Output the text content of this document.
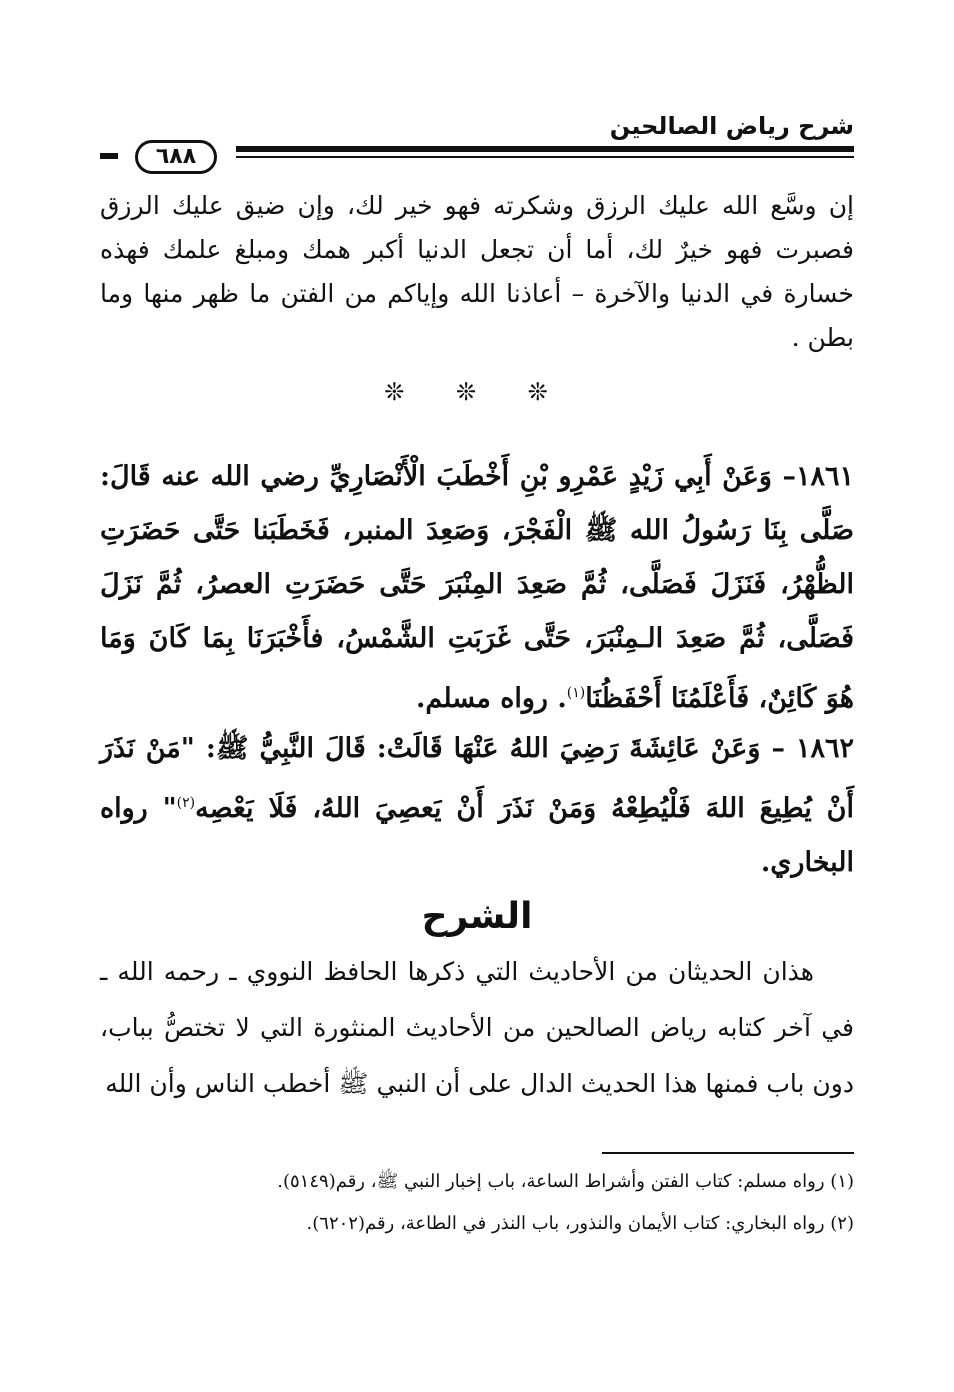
شرح رياض الصالحين
٦٨٨

إن وسَّع الله عليك الرزق وشكرته فهو خير لك، وإن ضيق عليك الرزق فصبرت فهو خيرٌ لك، أما أن تجعل الدنيا أكبر همك ومبلغ علمك فهذه خسارة في الدنيا والآخرة – أعاذنا الله وإياكم من الفتن ما ظهر منها وما بطن .

❊ ❊ ❊

١٨٦١– وَعَنْ أَبِي زَيْدٍ عَمْرِو بْنِ أَخْطَبَ الْأَنْصَارِيِّ رضي الله عنه قَالَ: صَلَّى بِنَا رَسُولُ الله ﷺ الْفَجْرَ، وَصَعِدَ المنبر، فَخَطَبَنا حَتَّى حَضَرَتِ الظُّهْرُ، فَنَزَلَ فَصَلَّى، ثُمَّ صَعِدَ المِنْبَرَ حَتَّى حَضَرَتِ العصرُ، ثُمَّ نَزَلَ فَصَلَّى، ثُمَّ صَعِدَ الـمِنْبَرَ، حَتَّى غَرَبَتِ الشَّمْسُ، فأَخْبَرَنَا بِمَا كَانَ وَمَا هُوَ كَائِنٌ، فَأَعْلَمُنَا أَحْفَظُنَا$^{(١)}$. رواه مسلم.

١٨٦٢ – وَعَنْ عَائِشَةَ رَضِيَ اللهُ عَنْهَا قَالَتْ: قَالَ النَّبِيُّ ﷺ: "مَنْ نَذَرَ أَنْ يُطِيعَ اللهَ فَلْيُطِعْهُ وَمَنْ نَذَرَ أَنْ يَعصِيَ اللهُ، فَلَا يَعْصِه$^{(٢)}$" رواه البخاري.

الشرح

هذان الحديثان من الأحاديث التي ذكرها الحافظ النووي ـ رحمه الله ـ في آخر كتابه رياض الصالحين من الأحاديث المنثورة التي لا تختصُّ بباب، دون باب فمنها هذا الحديث الدال على أن النبي ﷺ أخطب الناس وأن الله

(١) رواه مسلم: كتاب الفتن وأشراط الساعة، باب إخبار النبي ﷺ، رقم(٥١٤٩).
(٢) رواه البخاري: كتاب الأيمان والنذور، باب النذر في الطاعة، رقم(٦٢٠٢).
